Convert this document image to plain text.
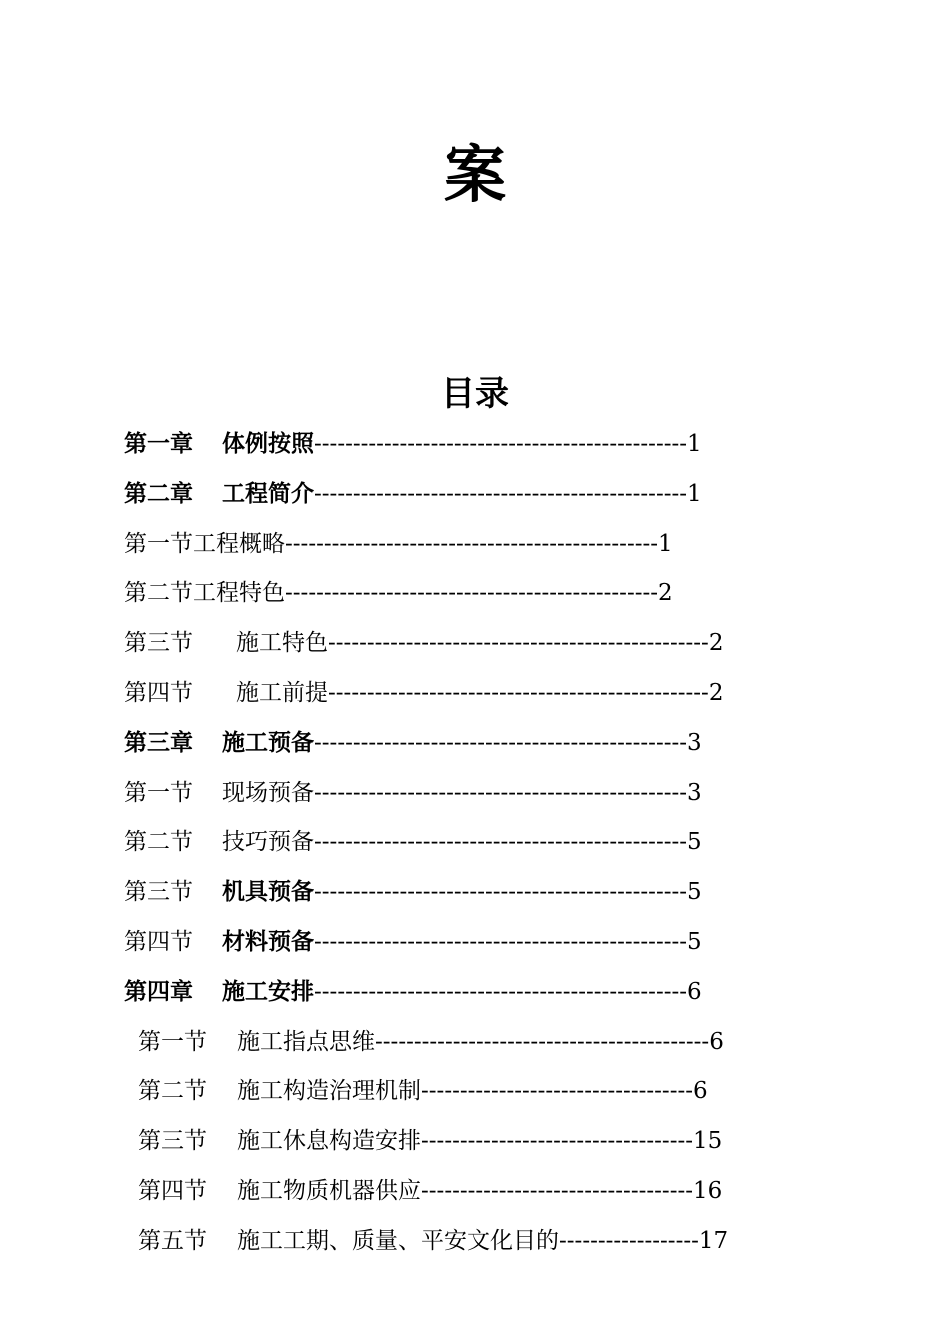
案
目录
第一章 体例按照------------------------------------------------1
第二章 工程简介------------------------------------------------1
第一节工程概略------------------------------------------------1
第二节工程特色------------------------------------------------2
第三节 施工特色-------------------------------------------------2
第四节 施工前提-------------------------------------------------2
第三章 施工预备------------------------------------------------3
第一节 现场预备------------------------------------------------3
第二节 技巧预备------------------------------------------------5
第三节 机具预备------------------------------------------------5
第四节 材料预备------------------------------------------------5
第四章 施工安排------------------------------------------------6
第一节 施工指点思维-------------------------------------------6
第二节 施工构造治理机制-----------------------------------6
第三节 施工休息构造安排-----------------------------------15
第四节 施工物质机器供应-----------------------------------16
第五节 施工工期、质量、平安文化目的------------------17
